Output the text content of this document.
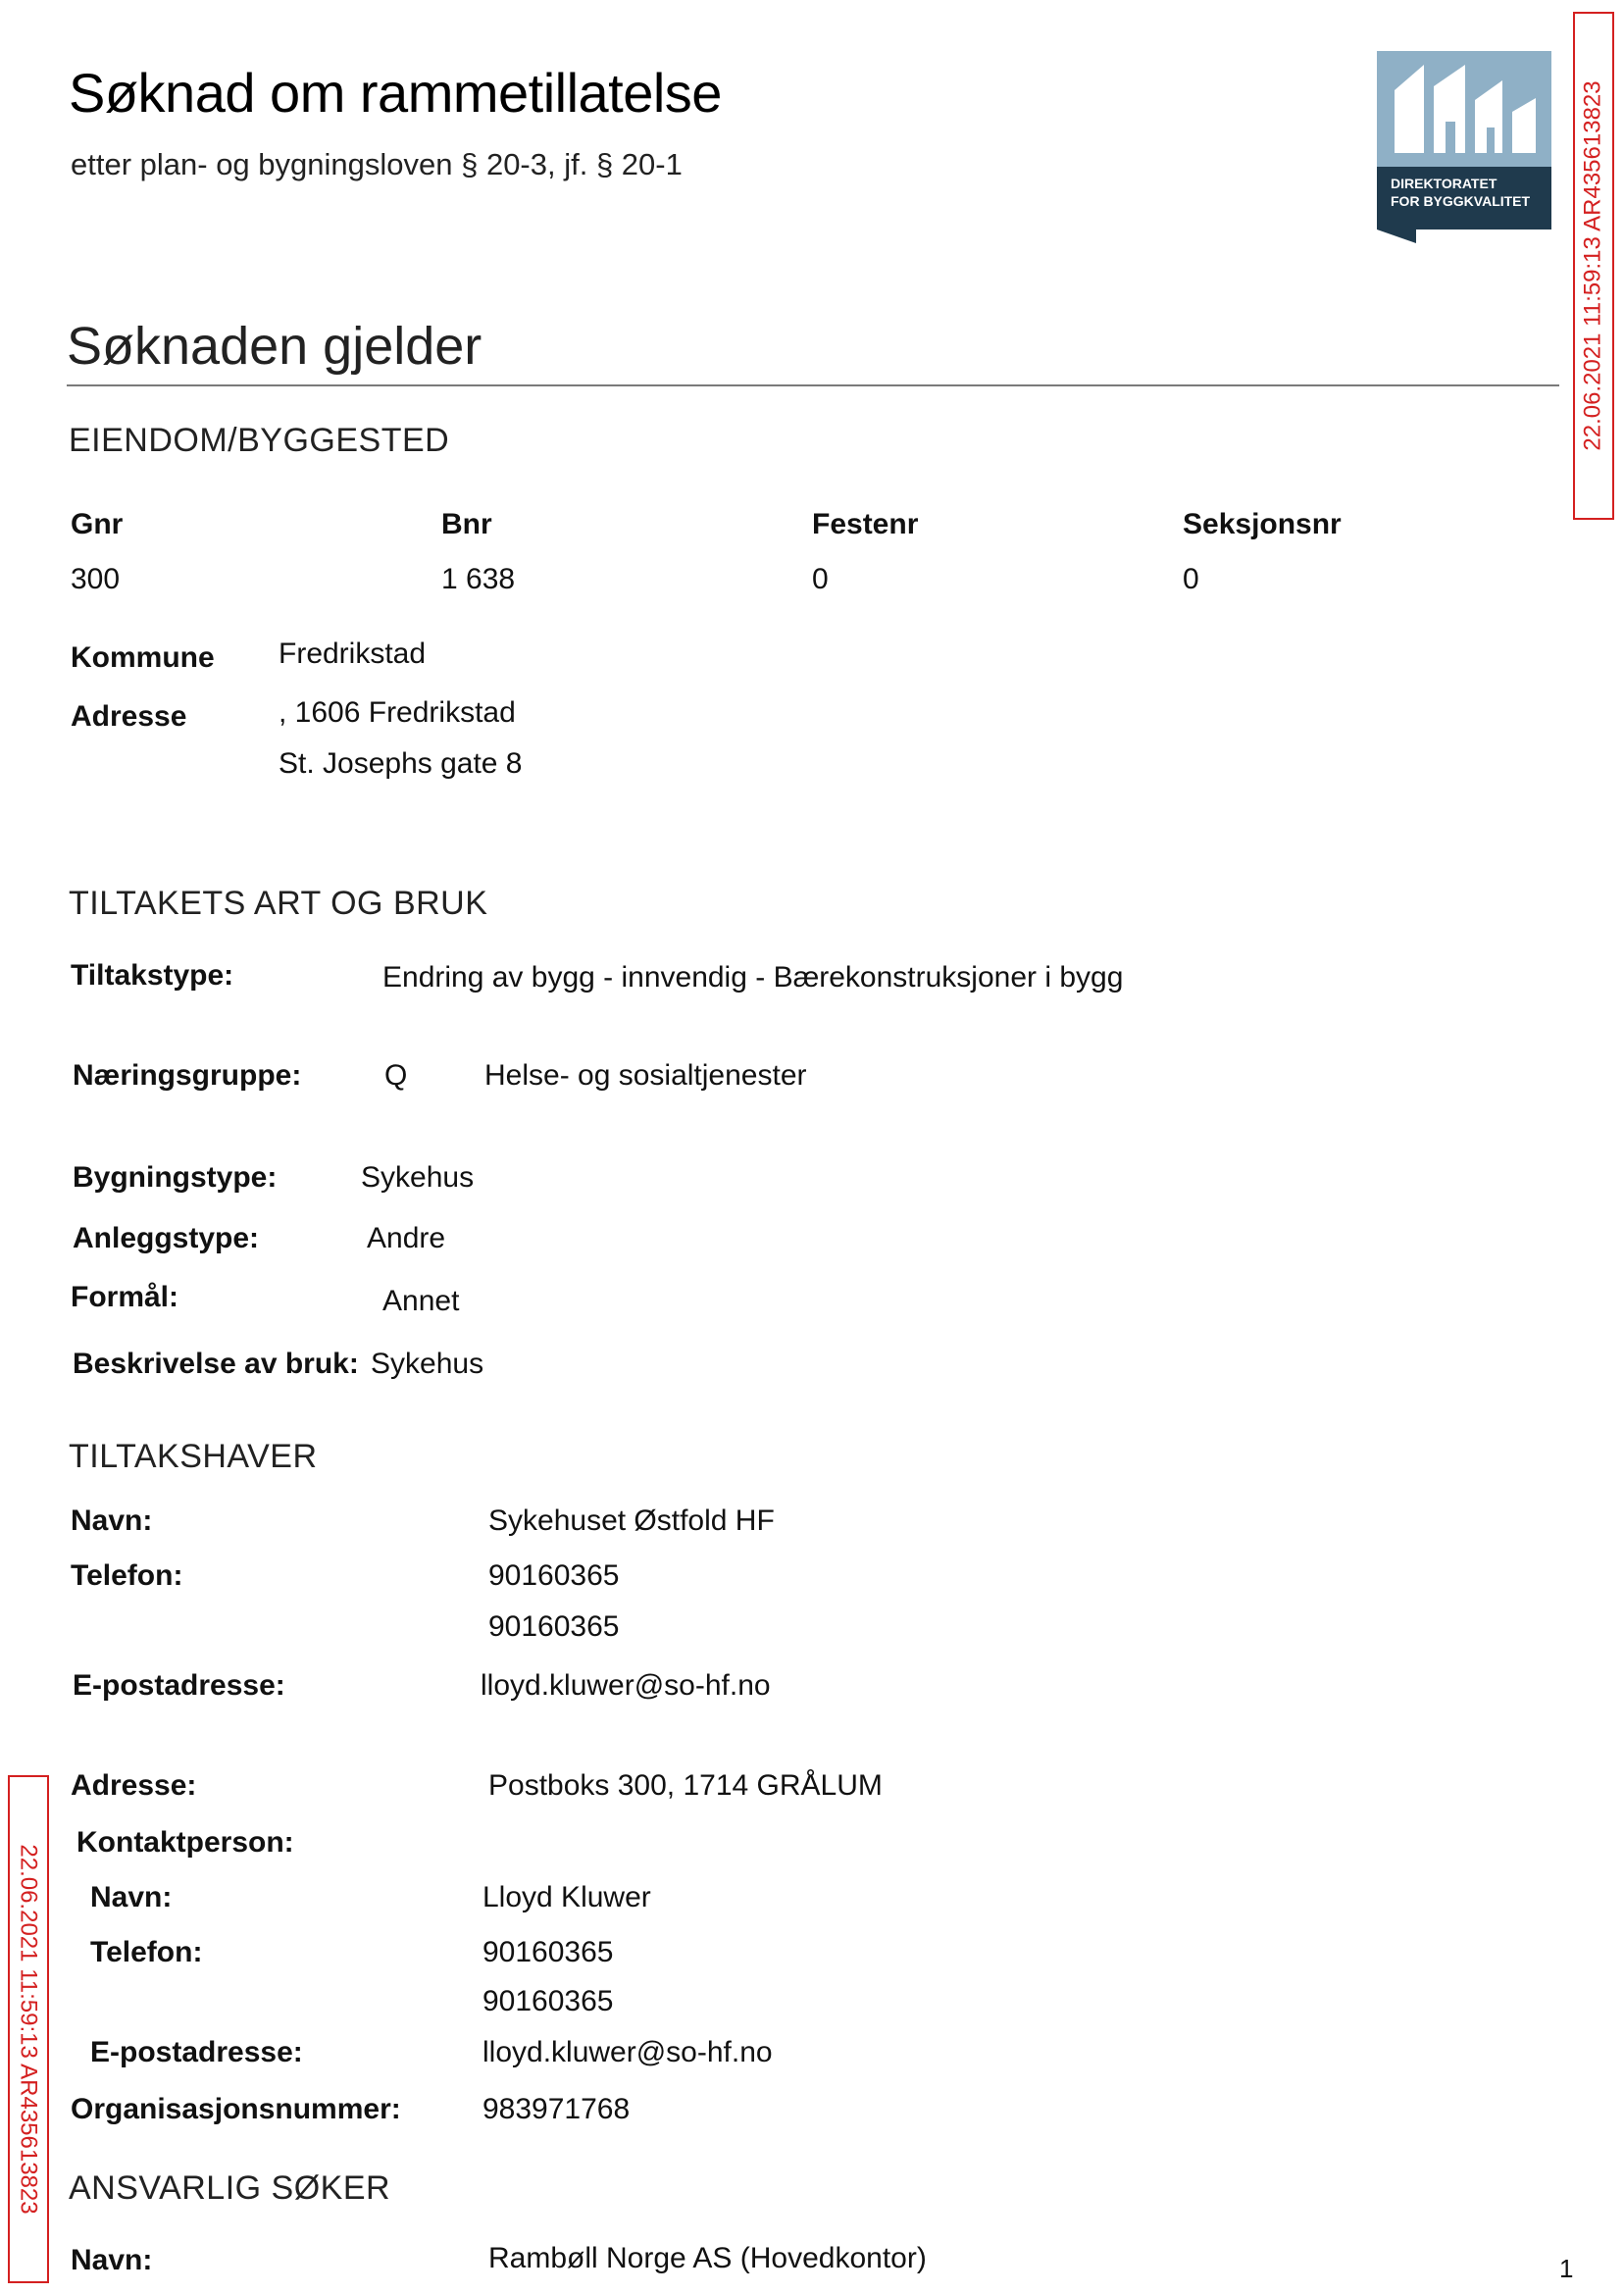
Søknad om rammetillatelse
etter plan- og bygningsloven § 20-3, jf. § 20-1
DIREKTORATET
FOR BYGGKVALITET 22.06.2021 11:59:13 AR435613823
22.06.2021 11:59:13 AR435613823
Søknaden gjelder
EIENDOM/BYGGESTED
Gnr	Bnr	Festenr	Seksjonsnr
300	1 638	0	0
Kommune Fredrikstad
Adresse	, 1606 Fredrikstad
St. Josephs gate 8
TILTAKETS ART OG BRUK
Tiltakstype:	Endring av bygg - innvendig - Bærekonstruksjoner i bygg
Næringsgruppe:	Q	Helse- og sosialtjenester
Bygningstype:	Sykehus
Anleggstype:	Andre
Formål:	Annet
Beskrivelse av bruk: Sykehus
TILTAKSHAVER
Navn:	Sykehuset Østfold HF
Telefon:	90160365
90160365
E-postadresse:	lloyd.kluwer@so-hf.no
Adresse:	Postboks 300, 1714 GRÅLUM
Kontaktperson:
Navn:	Lloyd Kluwer
Telefon:	90160365
90160365
E-postadresse:	lloyd.kluwer@so-hf.no
Organisasjonsnummer:	983971768
ANSVARLIG SØKER
Navn:	Rambøll Norge AS (Hovedkontor)	1
